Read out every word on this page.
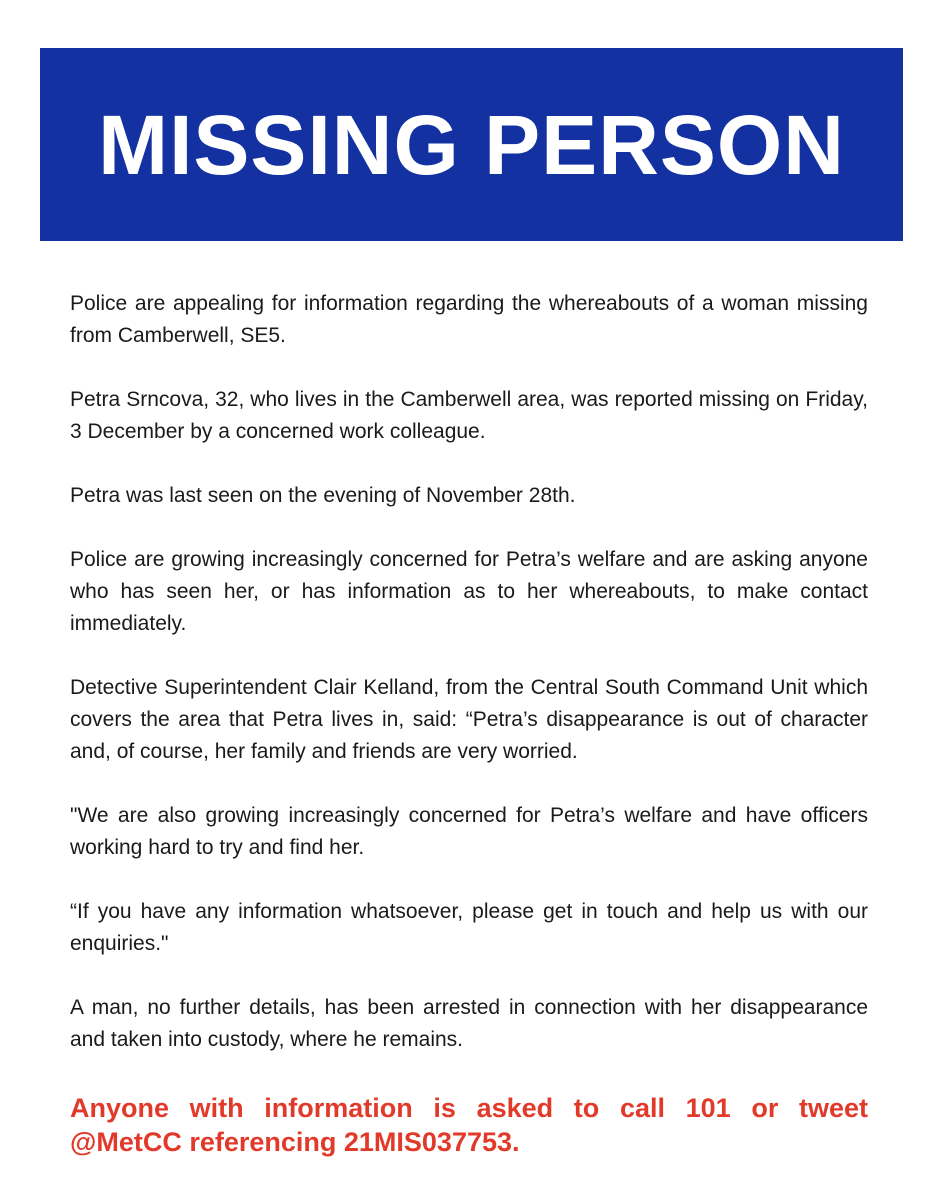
MISSING PERSON

Police are appealing for information regarding the whereabouts of a woman missing from Camberwell, SE5.

Petra Srncova, 32, who lives in the Camberwell area, was reported missing on Friday, 3 December by a concerned work colleague.

Petra was last seen on the evening of November 28th.

Police are growing increasingly concerned for Petra’s welfare and are asking anyone who has seen her, or has information as to her whereabouts, to make contact immediately.

Detective Superintendent Clair Kelland, from the Central South Command Unit which covers the area that Petra lives in, said: “Petra’s disappearance is out of character and, of course, her family and friends are very worried.

"We are also growing increasingly concerned for Petra’s welfare and have officers working hard to try and find her.

“If you have any information whatsoever, please get in touch and help us with our enquiries."

A man, no further details, has been arrested in connection with her disappearance and taken into custody, where he remains.

Anyone with information is asked to call 101 or tweet @MetCC referencing 21MIS037753.
